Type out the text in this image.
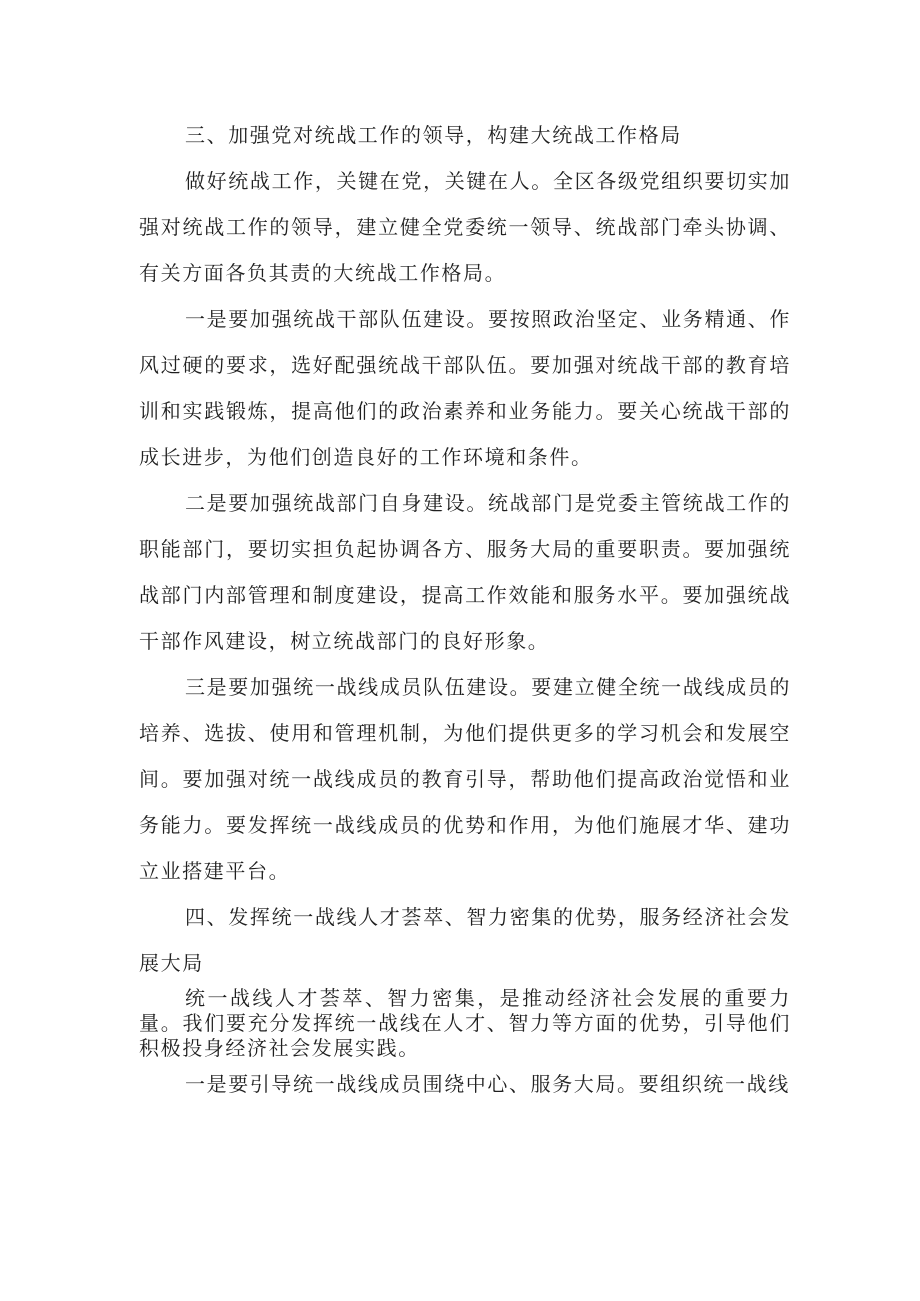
三、加强党对统战工作的领导，构建大统战工作格局

做好统战工作，关键在党，关键在人。全区各级党组织要切实加强对统战工作的领导，建立健全党委统一领导、统战部门牵头协调、有关方面各负其责的大统战工作格局。

一是要加强统战干部队伍建设。要按照政治坚定、业务精通、作风过硬的要求，选好配强统战干部队伍。要加强对统战干部的教育培训和实践锻炼，提高他们的政治素养和业务能力。要关心统战干部的成长进步，为他们创造良好的工作环境和条件。

二是要加强统战部门自身建设。统战部门是党委主管统战工作的职能部门，要切实担负起协调各方、服务大局的重要职责。要加强统战部门内部管理和制度建设，提高工作效能和服务水平。要加强统战干部作风建设，树立统战部门的良好形象。

三是要加强统一战线成员队伍建设。要建立健全统一战线成员的培养、选拔、使用和管理机制，为他们提供更多的学习机会和发展空间。要加强对统一战线成员的教育引导，帮助他们提高政治觉悟和业务能力。要发挥统一战线成员的优势和作用，为他们施展才华、建功立业搭建平台。

四、发挥统一战线人才荟萃、智力密集的优势，服务经济社会发展大局

统一战线人才荟萃、智力密集，是推动经济社会发展的重要力量。我们要充分发挥统一战线在人才、智力等方面的优势，引导他们积极投身经济社会发展实践。

一是要引导统一战线成员围绕中心、服务大局。要组织统一战线
